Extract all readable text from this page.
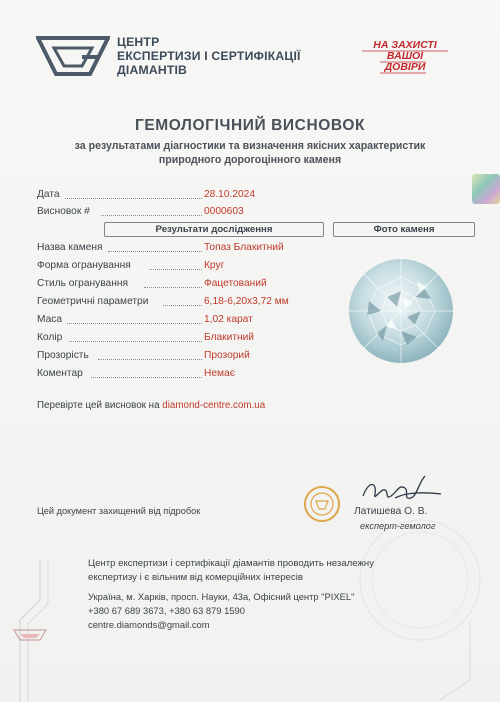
ЦЕНТР
ЕКСПЕРТИЗИ І СЕРТИФІКАЦІЇ
ДІАМАНТІВ
НА ЗАХИСТІ
ВАШОЇ
ДОВІРИ
ГЕМОЛОГІЧНИЙ ВИСНОВОК
за результатами діагностики та визначення якісних характеристик
природного дорогоцінного каменя
Дата	28.10.2024
Висновок #	0000603
Результати дослідження	Фото каменя
Назва каменя	Топаз Блакитний
Форма огранування	Круг
Стиль огранування	Фацетований
Геометричні параметри	6,18-6,20х3,72 мм
Маса	1,02 карат
Колір	Блакитний
Прозорість	Прозорий
Коментар	Немає
Перевірте цей висновок на diamond-centre.com.ua
Цей документ захищений від підробок	Латишева О. В.
експерт-гемолог
Центр експертизи і сертифікації діамантів проводить незалежну
експертизу і є вільним від комерційних інтересів
Україна, м. Харків, просп. Науки, 43а, Офісний центр "PIXEL"
+380 67 689 3673, +380 63 879 1590
centre.diamonds@gmail.com
